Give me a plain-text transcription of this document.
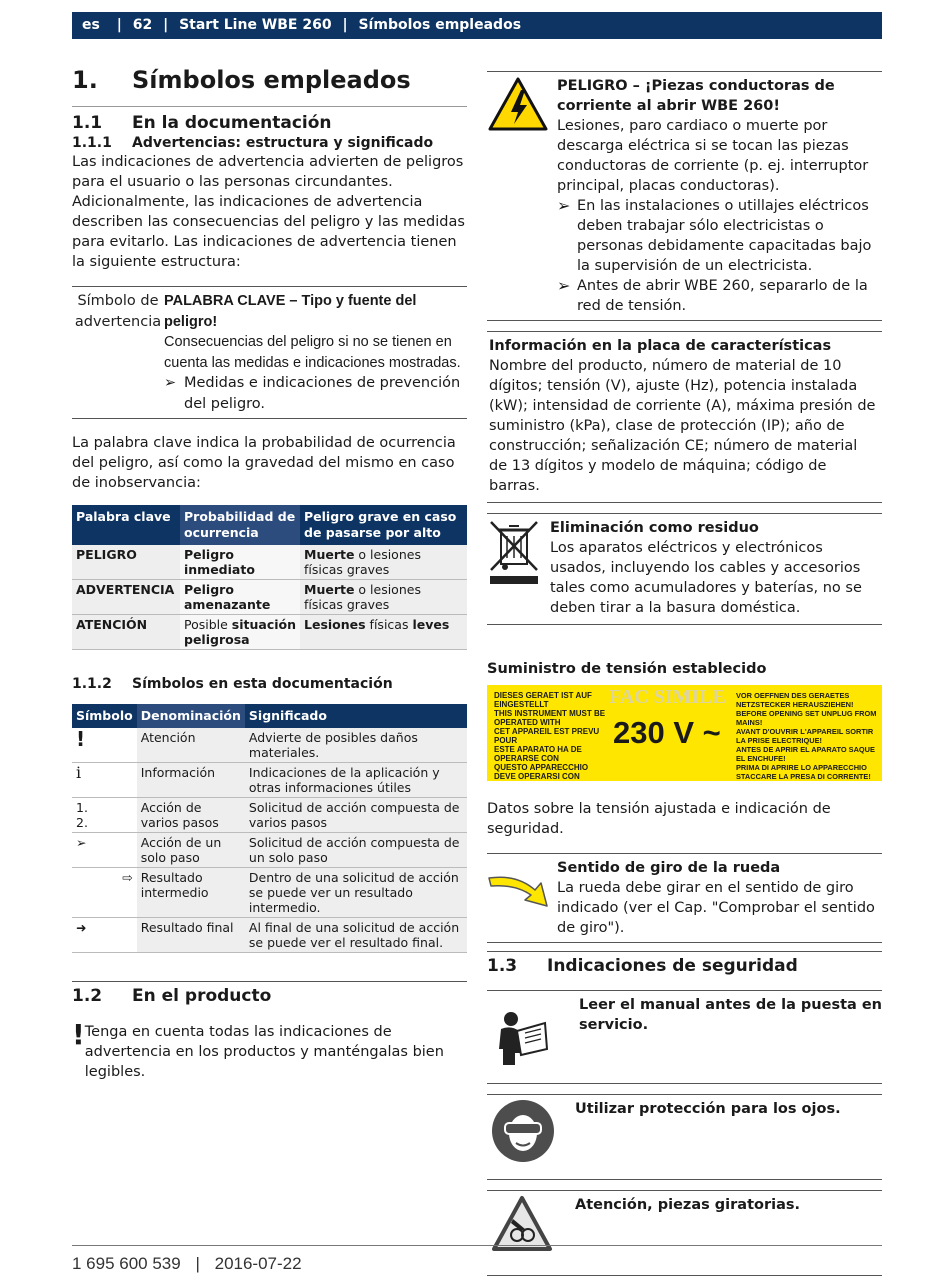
es | 62 | Start Line WBE 260 | Símbolos empleados
1.	Símbolos empleados
1.1	En la documentación
1.1.1	Advertencias: estructura y significado

Las indicaciones de advertencia advierten de peligros para el usuario o las personas circundantes. Adicionalmente, las indicaciones de advertencia describen las consecuencias del peligro y las medidas para evitarlo. Las indicaciones de advertencia tienen la siguiente estructura:

Símbolo de advertencia
PALABRA CLAVE – Tipo y fuente del peligro!
Consecuencias del peligro si no se tienen en cuenta las medidas e indicaciones mostradas.
➢ Medidas e indicaciones de prevención del peligro.

La palabra clave indica la probabilidad de ocurrencia del peligro, así como la gravedad del mismo en caso de inobservancia:

Palabra clave	Probabilidad de ocurrencia	Peligro grave en caso de pasarse por alto
PELIGRO	Peligro inmediato	Muerte o lesiones físicas graves
ADVERTENCIA	Peligro amenazante	Muerte o lesiones físicas graves
ATENCIÓN	Posible situación peligrosa	Lesiones físicas leves
1.1.2	Símbolos en esta documentación
Símbolo	Denominación	Significado
!	Atención	Advierte de posibles daños materiales.
i	Información	Indicaciones de la aplicación y otras informaciones útiles
1.
2.	Acción de varios pasos	Solicitud de acción compuesta de varios pasos
➢	Acción de un solo paso	Solicitud de acción compuesta de un solo paso
⇨	Resultado intermedio	Dentro de una solicitud de acción se puede ver un resultado intermedio.
➜	Resultado final	Al final de una solicitud de acción se puede ver el resultado final.
1.2	En el producto
! Tenga en cuenta todas las indicaciones de advertencia en los productos y manténgalas bien legibles.

PELIGRO – ¡Piezas conductoras de corriente al abrir WBE 260!

Lesiones, paro cardiaco o muerte por descarga eléctrica si se tocan las piezas conductoras de corriente (p. ej. interruptor principal, placas conductoras).

➢ En las instalaciones o utillajes eléctricos deben trabajar sólo electricistas o personas debidamente capacitadas bajo la supervisión de un electricista.

➢ Antes de abrir WBE 260, separarlo de la red de tensión.

Información en la placa de características

Nombre del producto, número de material de 10 dígitos; tensión (V), ajuste (Hz), potencia instalada (kW); intensidad de corriente (A), máxima presión de suministro (kPa), clase de protección (IP); año de construcción; señalización CE; número de material de 13 dígitos y modelo de máquina; código de barras.

Eliminación como residuo

Los aparatos eléctricos y electrónicos usados, incluyendo los cables y accesorios tales como acumuladores y baterías, no se deben tirar a la basura doméstica.

Suministro de tensión establecido

DIESES GERAET IST AUF EINGESTELLT
THIS INSTRUMENT MUST BE OPERATED WITH
CET APPAREIL EST PREVU POUR
ESTE APARATO HA DE OPERARSE CON
QUESTO APPARECCHIO DEVE OPERARSI CON
FAC SIMILE
230 V ~
VOR OEFFNEN DES GERAETES NETZSTECKER HERAUSZIEHEN!
BEFORE OPENING SET UNPLUG FROM MAINS!
AVANT D'OUVRIR L'APPAREIL SORTIR LA PRISE ELECTRIQUE!
ANTES DE APRIR EL APARATO SAQUE EL ENCHUFE!
PRIMA DI APRIRE LO APPARECCHIO STACCARE LA PRESA DI CORRENTE!

Datos sobre la tensión ajustada e indicación de seguridad.

Sentido de giro de la rueda

La rueda debe girar en el sentido de giro indicado (ver el Cap. "Comprobar el sentido de giro").

1.3	Indicaciones de seguridad

Leer el manual antes de la puesta en servicio.

Utilizar protección para los ojos.

Atención, piezas giratorias.

1 695 600 539 | 2016-07-22
